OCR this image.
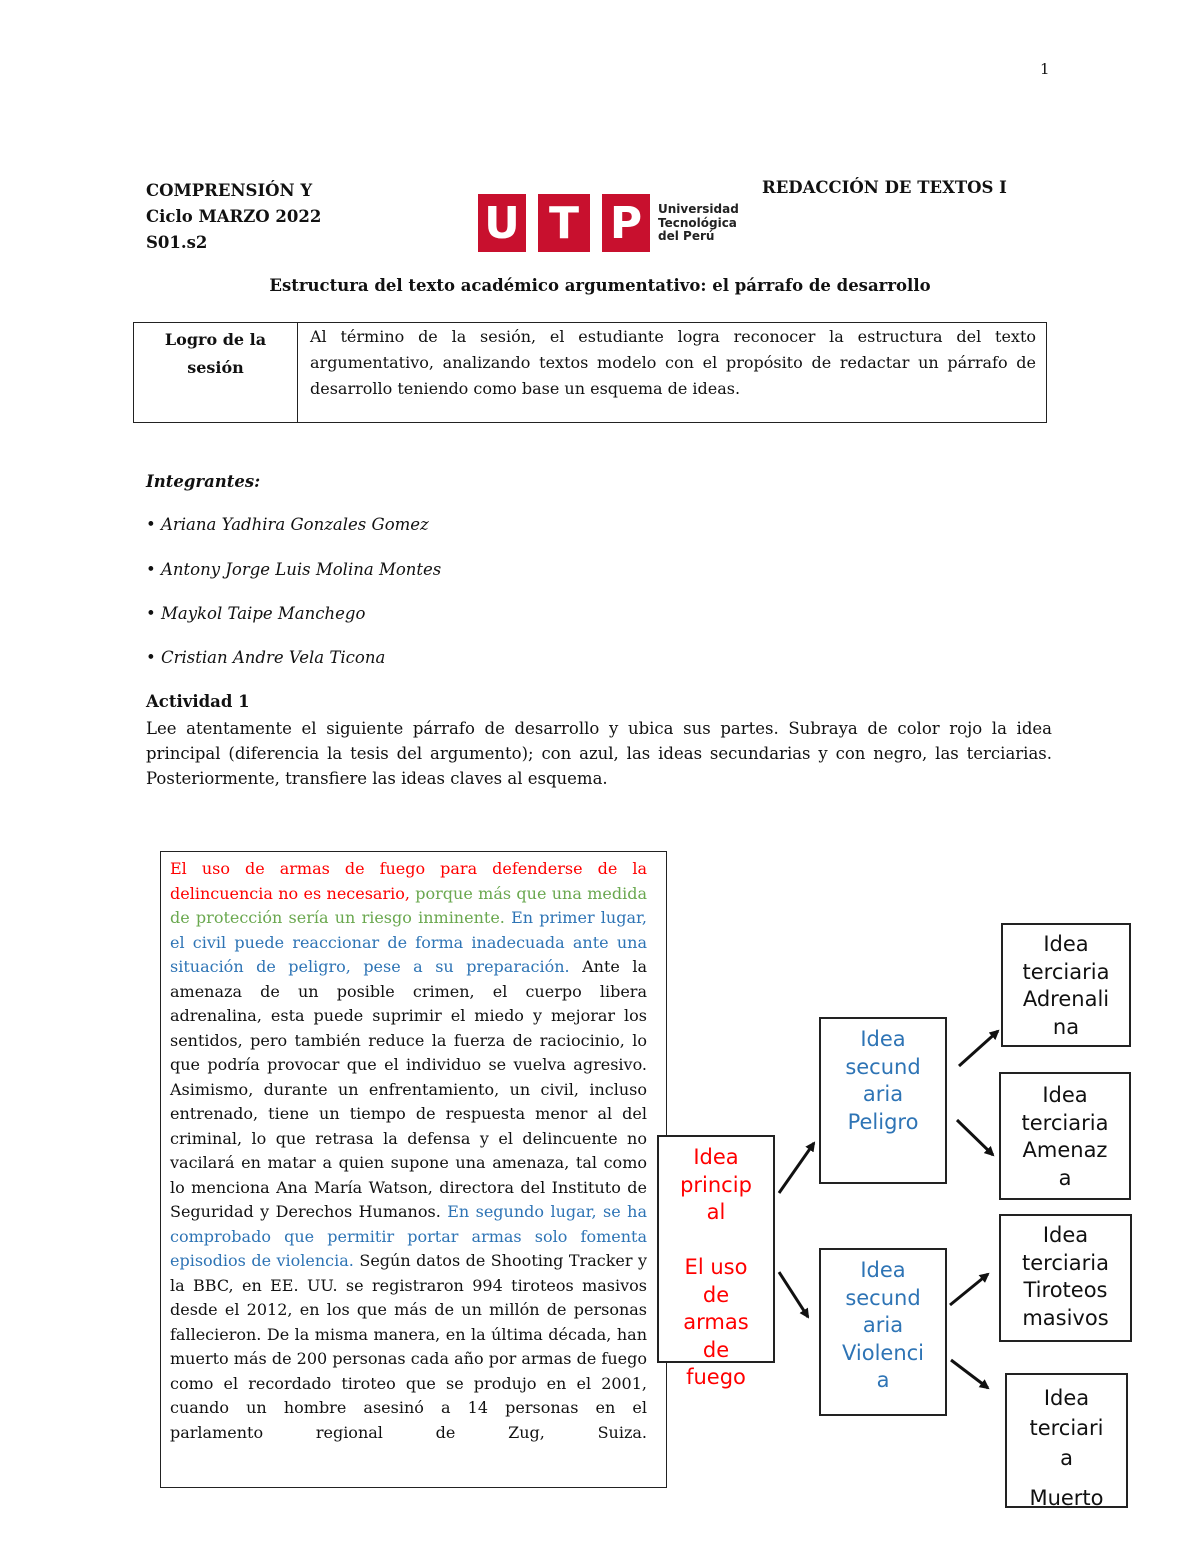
1
COMPRENSIÓN Y
Ciclo MARZO 2022
S01.s2
REDACCIÓN DE TEXTOS I
U T P	Universidad
Tecnológica
del Perú
Estructura del texto académico argumentativo: el párrafo de desarrollo
Logro de la
sesión
Al término de la sesión, el estudiante logra reconocer la estructura del texto argumentativo, analizando textos modelo con el propósito de redactar un párrafo de desarrollo teniendo como base un esquema de ideas.
Integrantes:
• Ariana Yadhira Gonzales Gomez
• Antony Jorge Luis Molina Montes
• Maykol Taipe Manchego
• Cristian Andre Vela Ticona
Actividad 1
Lee atentamente el siguiente párrafo de desarrollo y ubica sus partes. Subraya de color rojo la idea principal (diferencia la tesis del argumento); con azul, las ideas secundarias y con negro, las terciarias. Posteriormente, transfiere las ideas claves al esquema.
El uso de armas de fuego para defenderse de la delincuencia no es necesario, porque más que una medida de protección sería un riesgo inminente. En primer lugar, el civil puede reaccionar de forma inadecuada ante una situación de peligro, pese a su preparación. Ante la amenaza de un posible crimen, el cuerpo libera adrenalina, esta puede suprimir el miedo y mejorar los sentidos, pero también reduce la fuerza de raciocinio, lo que podría provocar que el individuo se vuelva agresivo. Asimismo, durante un enfrentamiento, un civil, incluso entrenado, tiene un tiempo de respuesta menor al del criminal, lo que retrasa la defensa y el delincuente no vacilará en matar a quien supone una amenaza, tal como lo menciona Ana María Watson, directora del Instituto de Seguridad y Derechos Humanos. En segundo lugar, se ha comprobado que permitir portar armas solo fomenta episodios de violencia. Según datos de Shooting Tracker y la BBC, en EE. UU. se registraron 994 tiroteos masivos desde el 2012, en los que más de un millón de personas fallecieron. De la misma manera, en la última década, han muerto más de 200 personas cada año por armas de fuego como el recordado tiroteo que se produjo en el 2001, cuando un hombre asesinó a 14 personas en el parlamento regional de Zug, Suiza.
Idea
princip
al
El uso
de
armas
de
fuego
Idea
secund
aria
Peligro
Idea
secund
aria
Violenci
a
Idea
terciaria
Adrenali
na
Idea
terciaria
Amenaz
a
Idea
terciaria
Tiroteos
masivos
Idea
terciari
a
Muerto
